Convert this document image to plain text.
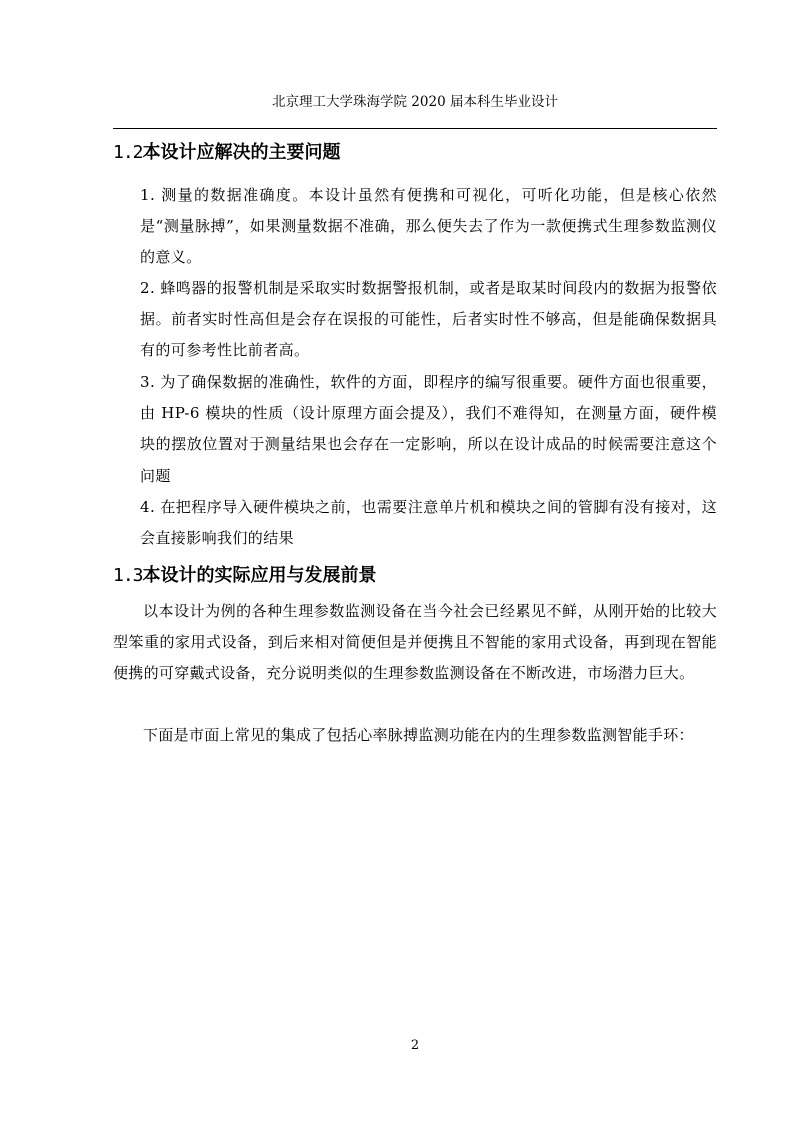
北京理工大学珠海学院 2020 届本科生毕业设计
1.2本设计应解决的主要问题
1. 测量的数据准确度。本设计虽然有便携和可视化，可听化功能，但是核心依然是“测量脉搏”，如果测量数据不准确，那么便失去了作为一款便携式生理参数监测仪的意义。
2. 蜂鸣器的报警机制是采取实时数据警报机制，或者是取某时间段内的数据为报警依据。前者实时性高但是会存在误报的可能性，后者实时性不够高，但是能确保数据具有的可参考性比前者高。
3. 为了确保数据的准确性，软件的方面，即程序的编写很重要。硬件方面也很重要，由 HP-6 模块的性质（设计原理方面会提及），我们不难得知，在测量方面，硬件模块的摆放位置对于测量结果也会存在一定影响，所以在设计成品的时候需要注意这个问题
4. 在把程序导入硬件模块之前，也需要注意单片机和模块之间的管脚有没有接对，这会直接影响我们的结果
1.3本设计的实际应用与发展前景
以本设计为例的各种生理参数监测设备在当今社会已经累见不鲜，从刚开始的比较大型笨重的家用式设备，到后来相对简便但是并便携且不智能的家用式设备，再到现在智能便携的可穿戴式设备，充分说明类似的生理参数监测设备在不断改进，市场潜力巨大。
下面是市面上常见的集成了包括心率脉搏监测功能在内的生理参数监测智能手环：
2
